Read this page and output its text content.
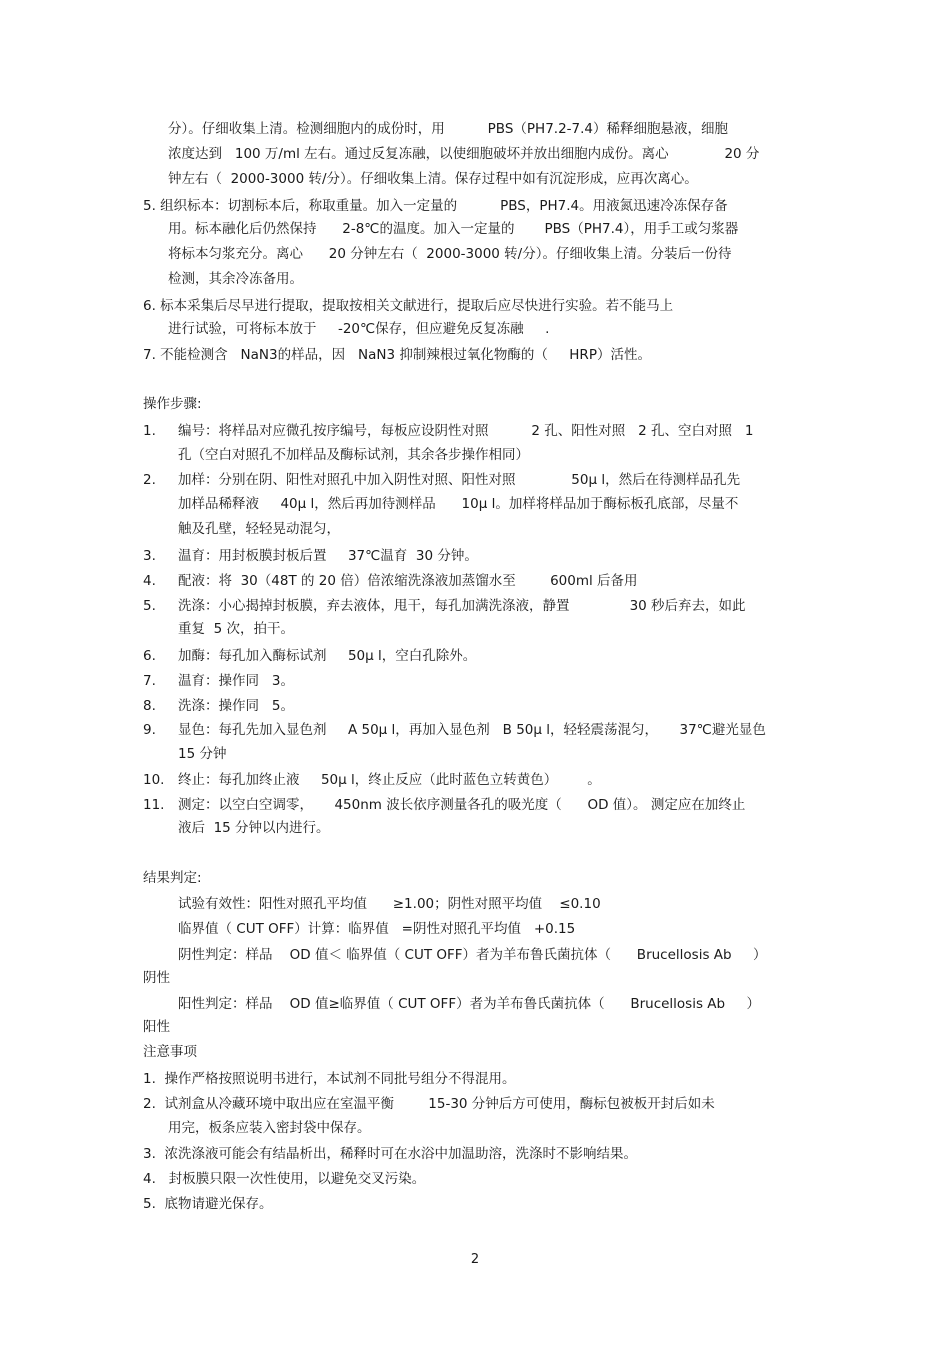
分）。仔细收集上清。检测细胞内的成份时，用          PBS（PH7.2-7.4）稀释细胞悬液，细胞
浓度达到   100 万/ml 左右。通过反复冻融，以使细胞破坏并放出细胞内成份。离心             20 分
钟左右（  2000-3000 转/分）。仔细收集上清。保存过程中如有沉淀形成，应再次离心。
5. 组织标本：切割标本后，称取重量。加入一定量的          PBS，PH7.4。用液氮迅速冷冻保存备
用。标本融化后仍然保持      2-8℃的温度。加入一定量的       PBS（PH7.4），用手工或匀浆器
将标本匀浆充分。离心      20 分钟左右（  2000-3000 转/分）。仔细收集上清。分装后一份待
检测，其余冷冻备用。
6. 标本采集后尽早进行提取，提取按相关文献进行，提取后应尽快进行实验。若不能马上
进行试验，可将标本放于     -20℃保存，但应避免反复冻融     .
7. 不能检测含   NaN3的样品，因   NaN3 抑制辣根过氧化物酶的（     HRP）活性。
操作步骤:
1. 编号：将样品对应微孔按序编号，每板应设阴性对照          2 孔、阳性对照   2 孔、空白对照   1
孔（空白对照孔不加样品及酶标试剂，其余各步操作相同）
2. 加样：分别在阴、阳性对照孔中加入阴性对照、阳性对照             50μ l，然后在待测样品孔先
加样品稀释液     40μ l，然后再加待测样品      10μ l。加样将样品加于酶标板孔底部，尽量不
触及孔壁，轻轻晃动混匀，
3. 温育：用封板膜封板后置     37℃温育  30 分钟。
4. 配液：将  30（48T 的 20 倍）倍浓缩洗涤液加蒸馏水至        600ml 后备用
5. 洗涤：小心揭掉封板膜，弃去液体，甩干，每孔加满洗涤液，静置              30 秒后弃去，如此
重复  5 次，拍干。
6. 加酶：每孔加入酶标试剂     50μ l，空白孔除外。
7. 温育：操作同   3。
8. 洗涤：操作同   5。
9. 显色：每孔先加入显色剂     A 50μ l，再加入显色剂   B 50μ l，轻轻震荡混匀，     37℃避光显色
15 分钟
10. 终止：每孔加终止液     50μ l，终止反应（此时蓝色立转黄色）       。
11. 测定：以空白空调零，     450nm 波长依序测量各孔的吸光度（      OD 值）。 测定应在加终止
液后  15 分钟以内进行。
结果判定:
试验有效性：阳性对照孔平均值      ≥1.00；阴性对照平均值    ≤0.10
临界值（ CUT OFF）计算：临界值   =阴性对照孔平均值   +0.15
阴性判定：样品    OD 值＜ 临界值（ CUT OFF）者为羊布鲁氏菌抗体（      Brucellosis Ab     ）
阴性
阳性判定：样品    OD 值≥临界值（ CUT OFF）者为羊布鲁氏菌抗体（      Brucellosis Ab     ）
阳性
注意事项
1.  操作严格按照说明书进行，本试剂不同批号组分不得混用。
2.  试剂盒从冷藏环境中取出应在室温平衡        15-30 分钟后方可使用，酶标包被板开封后如未
用完，板条应装入密封袋中保存。
3.  浓洗涤液可能会有结晶析出，稀释时可在水浴中加温助溶，洗涤时不影响结果。
4.   封板膜只限一次性使用，以避免交叉污染。
5.  底物请避光保存。
2
